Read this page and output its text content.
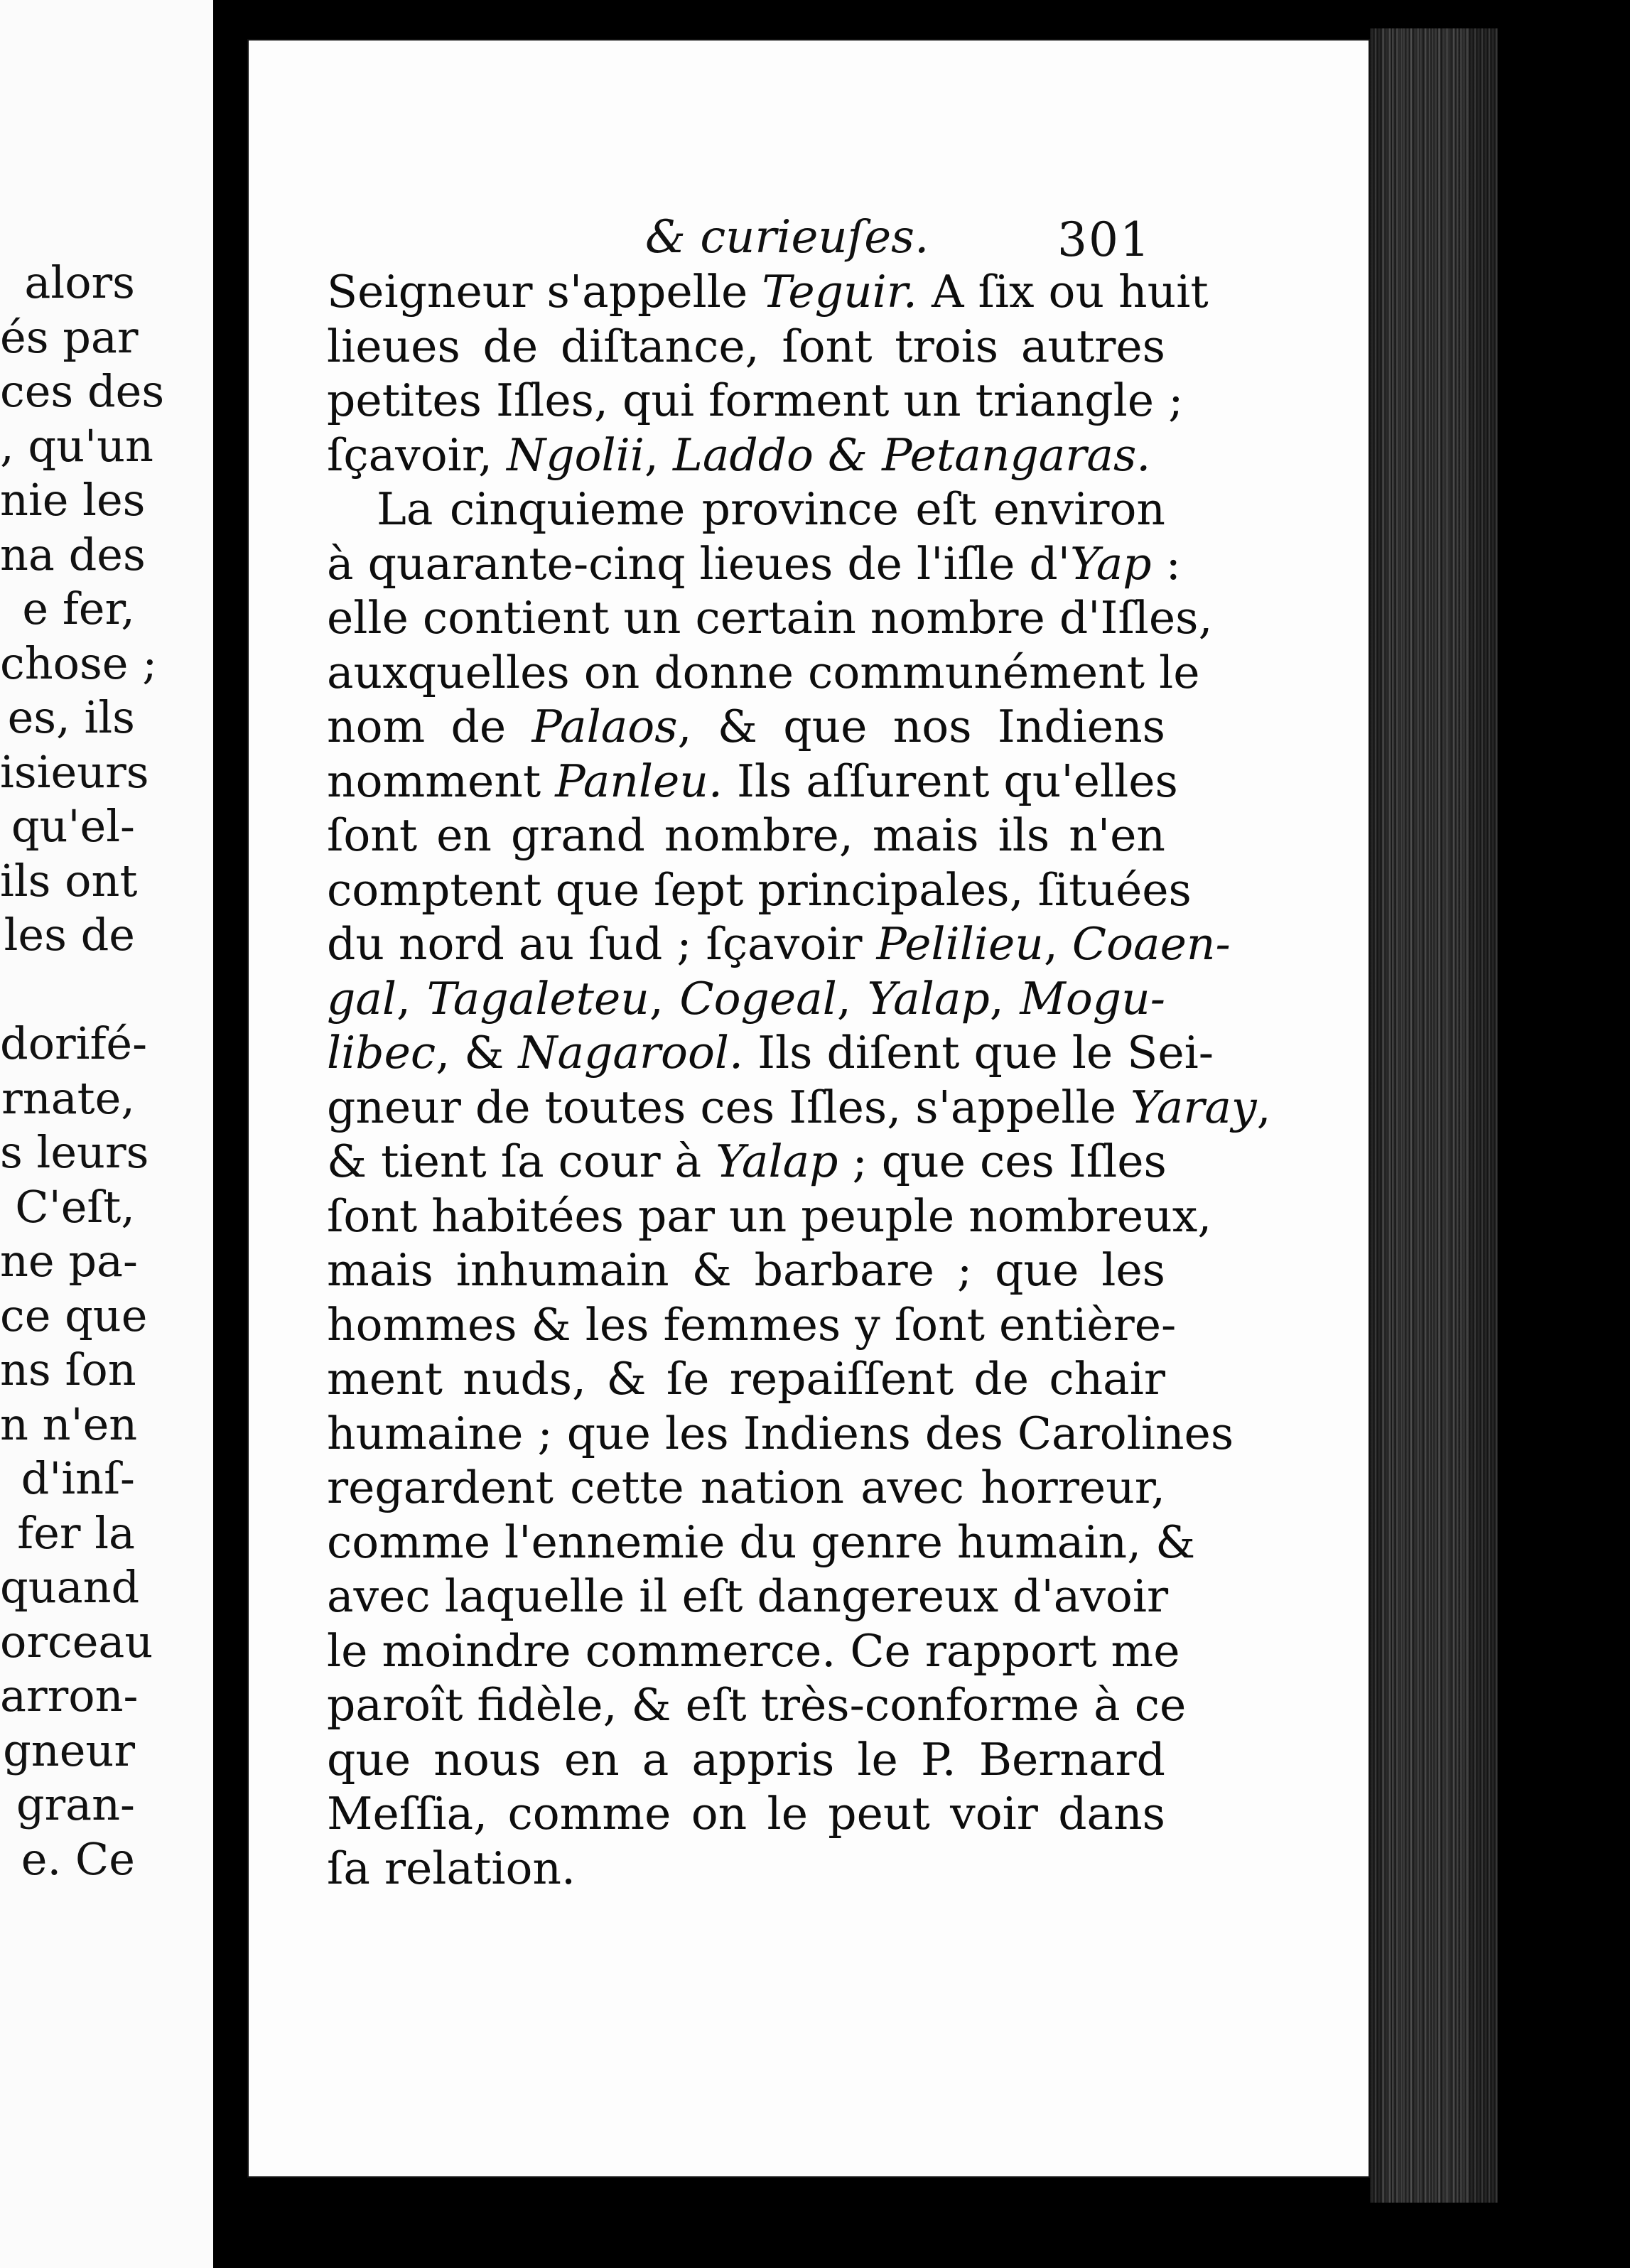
alors
és par
ces des
, qu'un
nie les
na des
e fer,
chose ;
es, ils
isieurs
qu'el-
ils ont
les de
dorifé-
rnate,
s leurs
C'eſt,
ne pa-
ce que
ns ſon
n n'en
d'inſ-
fer la
quand
orceau
arron-
gneur
gran-
e. Ce
& curieuſes.	301
Seigneur s'appelle Teguir. A ſix ou huit
lieues de diſtance, ſont trois autres
petites Iſles, qui forment un triangle ;
ſçavoir, Ngolii, Laddo & Petangaras.
La cinquieme province eſt environ
à quarante-cinq lieues de l'iſle d'Yap :
elle contient un certain nombre d'Iſles,
auxquelles on donne communément le
nom de Palaos, & que nos Indiens
nomment Panleu. Ils aſſurent qu'elles
ſont en grand nombre, mais ils n'en
comptent que ſept principales, ſituées
du nord au ſud ; ſçavoir Pelilieu, Coaen-
gal, Tagaleteu, Cogeal, Yalap, Mogu-
libec, & Nagarool. Ils diſent que le Sei-
gneur de toutes ces Iſles, s'appelle Yaray,
& tient ſa cour à Yalap ; que ces Iſles
ſont habitées par un peuple nombreux,
mais inhumain & barbare ; que les
hommes & les femmes y ſont entière-
ment nuds, & ſe repaiſſent de chair
humaine ; que les Indiens des Carolines
regardent cette nation avec horreur,
comme l'ennemie du genre humain, &
avec laquelle il eſt dangereux d'avoir
le moindre commerce. Ce rapport me
paroît fidèle, & eſt très-conforme à ce
que nous en a appris le P. Bernard
Meſſia, comme on le peut voir dans
ſa relation.
